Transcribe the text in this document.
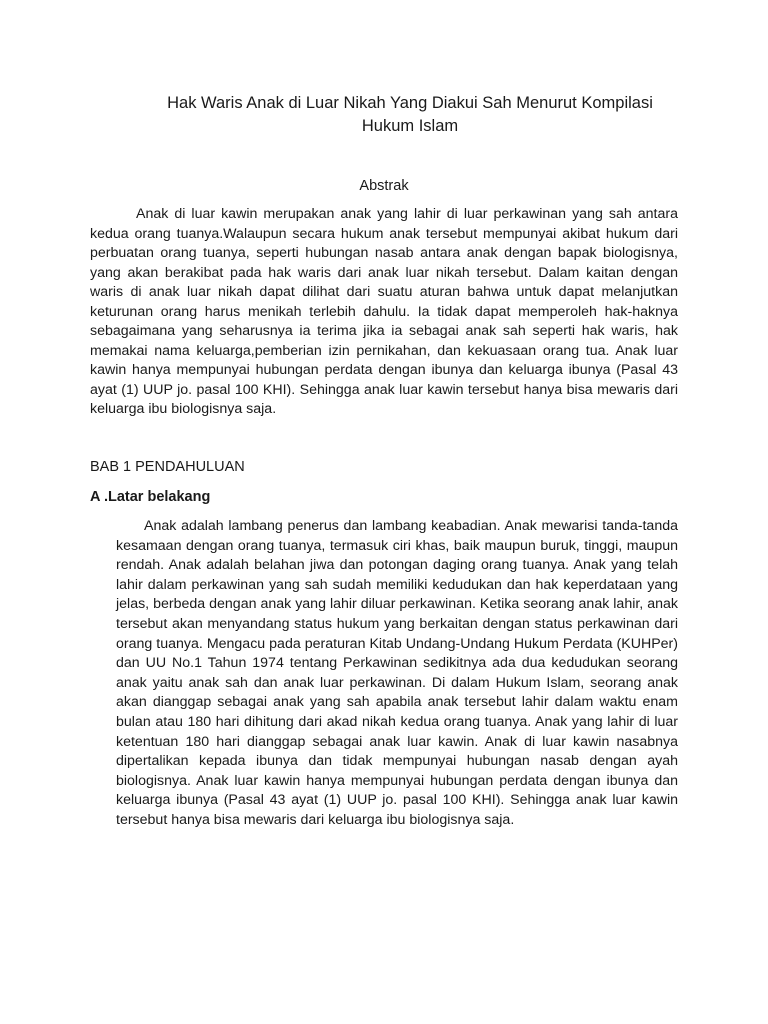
Hak Waris Anak di Luar Nikah Yang Diakui Sah Menurut Kompilasi
Hukum Islam
Abstrak

Anak di luar kawin merupakan anak yang lahir di luar perkawinan yang sah antara kedua orang tuanya.Walaupun secara hukum anak tersebut mempunyai akibat hukum dari perbuatan orang tuanya, seperti hubungan nasab antara anak dengan bapak biologisnya, yang akan berakibat pada hak waris dari anak luar nikah tersebut. Dalam kaitan dengan waris di anak luar nikah dapat dilihat dari suatu aturan bahwa untuk dapat melanjutkan keturunan orang harus menikah terlebih dahulu. Ia tidak dapat memperoleh hak-haknya sebagaimana yang seharusnya ia terima jika ia sebagai anak sah seperti hak waris, hak memakai nama keluarga,pemberian izin pernikahan, dan kekuasaan orang tua. Anak luar kawin hanya mempunyai hubungan perdata dengan ibunya dan keluarga ibunya (Pasal 43 ayat (1) UUP jo. pasal 100 KHI). Sehingga anak luar kawin tersebut hanya bisa mewaris dari keluarga ibu biologisnya saja.

BAB 1 PENDAHULUAN
A .Latar belakang

Anak adalah lambang penerus dan lambang keabadian. Anak mewarisi tanda-tanda kesamaan dengan orang tuanya, termasuk ciri khas, baik maupun buruk, tinggi, maupun rendah. Anak adalah belahan jiwa dan potongan daging orang tuanya. Anak yang telah lahir dalam perkawinan yang sah sudah memiliki kedudukan dan hak keperdataan yang jelas, berbeda dengan anak yang lahir diluar perkawinan. Ketika seorang anak lahir, anak tersebut akan menyandang status hukum yang berkaitan dengan status perkawinan dari orang tuanya. Mengacu pada peraturan Kitab Undang-Undang Hukum Perdata (KUHPer) dan UU No.1 Tahun 1974 tentang Perkawinan sedikitnya ada dua kedudukan seorang anak yaitu anak sah dan anak luar perkawinan. Di dalam Hukum Islam, seorang anak akan dianggap sebagai anak yang sah apabila anak tersebut lahir dalam waktu enam bulan atau 180 hari dihitung dari akad nikah kedua orang tuanya. Anak yang lahir di luar ketentuan 180 hari dianggap sebagai anak luar kawin. Anak di luar kawin nasabnya dipertalikan kepada ibunya dan tidak mempunyai hubungan nasab dengan ayah biologisnya. Anak luar kawin hanya mempunyai hubungan perdata dengan ibunya dan keluarga ibunya (Pasal 43 ayat (1) UUP jo. pasal 100 KHI). Sehingga anak luar kawin tersebut hanya bisa mewaris dari keluarga ibu biologisnya saja.
